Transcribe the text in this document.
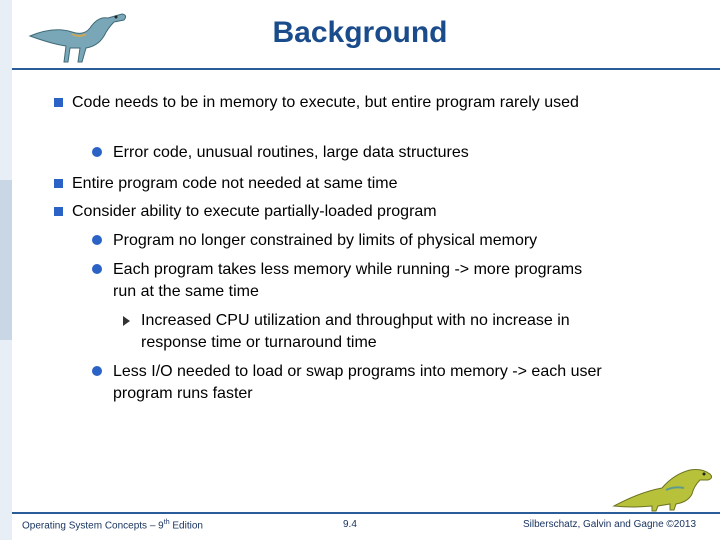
Background
Code needs to be in memory to execute, but entire program rarely used
Error code, unusual routines, large data structures
Entire program code not needed at same time
Consider ability to execute partially-loaded program
Program no longer constrained by limits of physical memory
Each program takes less memory while running -> more programs run at the same time
Increased CPU utilization and throughput with no increase in response time or turnaround time
Less I/O needed to load or swap programs into memory -> each user program runs faster
Operating System Concepts – 9th Edition	9.4	Silberschatz, Galvin and Gagne ©2013
